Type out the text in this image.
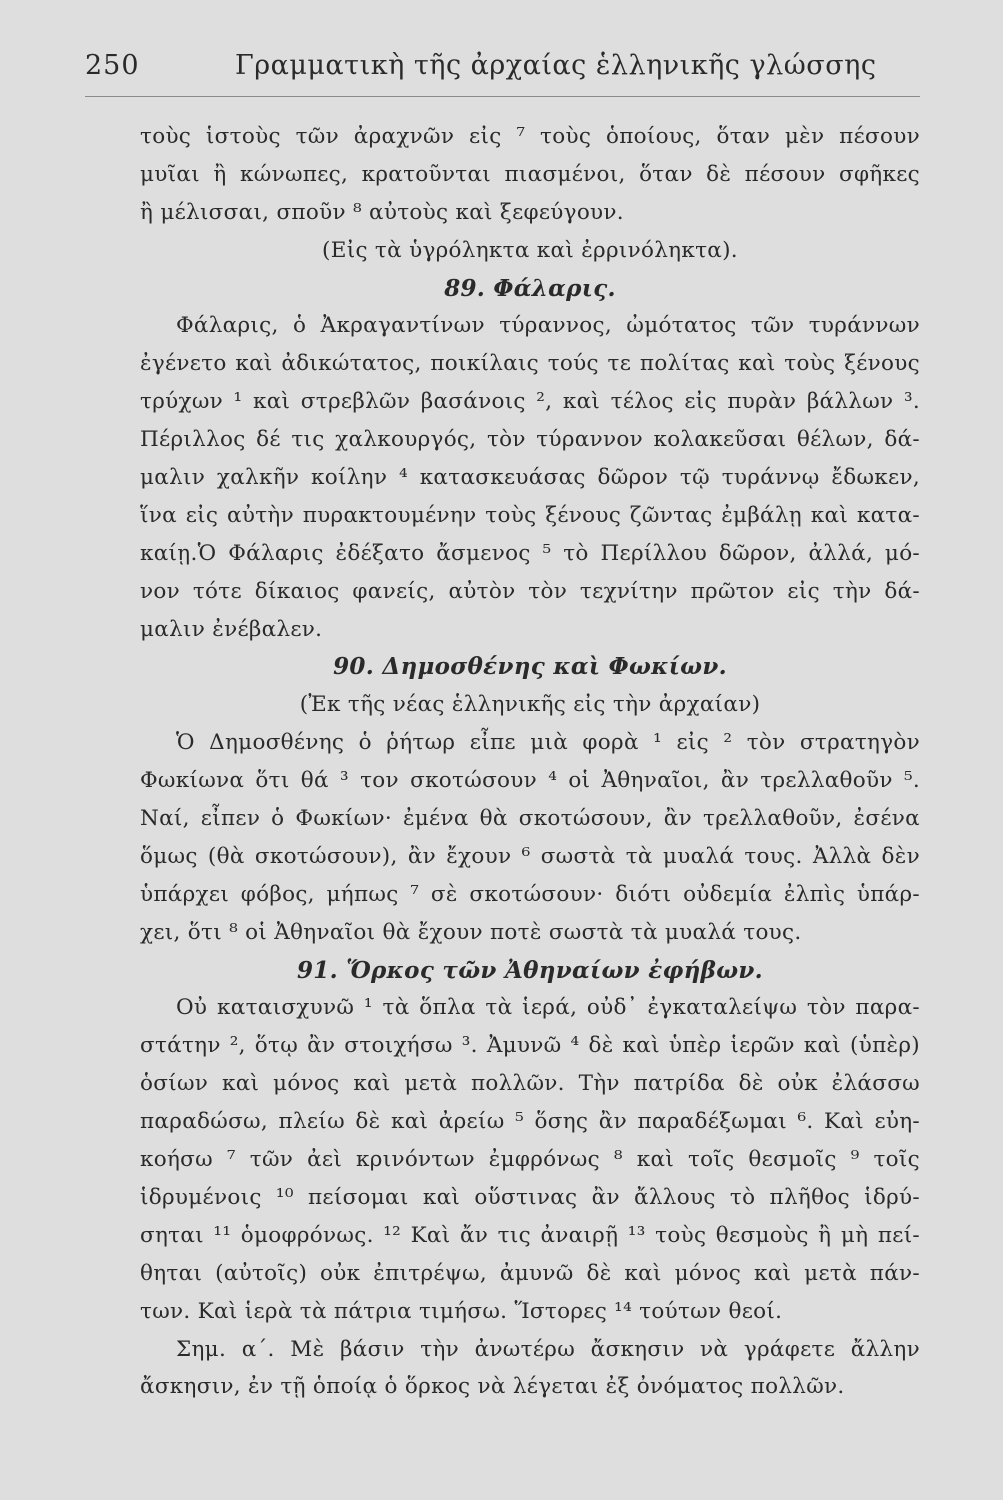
250	Γραμματικὴ τῆς ἀρχαίας ἑλληνικῆς γλώσσης
τοὺς ἱστοὺς τῶν ἀραχνῶν εἰς ⁷ τοὺς ὁποίους, ὅταν μὲν πέσουν
μυῖαι ἢ κώνωπες, κρατοῦνται πιασμένοι, ὅταν δὲ πέσουν σφῆκες
ἢ μέλισσαι, σποῦν ⁸ αὐτοὺς καὶ ξεφεύγουν.
(Εἰς τὰ ὑγρόληκτα καὶ ἐρρινόληκτα).
89. Φάλαρις.
Φάλαρις, ὁ Ἀκραγαντίνων τύραννος, ὠμότατος τῶν τυράννων
ἐγένετο καὶ ἀδικώτατος, ποικίλαις τούς τε πολίτας καὶ τοὺς ξένους
τρύχων ¹ καὶ στρεβλῶν βασάνοις ², καὶ τέλος εἰς πυρὰν βάλλων ³.
Πέριλλος δέ τις χαλκουργός, τὸν τύραννον κολακεῦσαι θέλων, δά-
μαλιν χαλκῆν κοίλην ⁴ κατασκευάσας δῶρον τῷ τυράννῳ ἔδωκεν,
ἵνα εἰς αὐτὴν πυρακτουμένην τοὺς ξένους ζῶντας ἐμβάλῃ καὶ κατα-
καίῃ.Ὁ Φάλαρις ἐδέξατο ἄσμενος ⁵ τὸ Περίλλου δῶρον, ἀλλά, μό-
νον τότε δίκαιος φανείς, αὐτὸν τὸν τεχνίτην πρῶτον εἰς τὴν δά-
μαλιν ἐνέβαλεν.
90. Δημοσθένης καὶ Φωκίων.
(Ἐκ τῆς νέας ἑλληνικῆς εἰς τὴν ἀρχαίαν)
Ὁ Δημοσθένης ὁ ῥήτωρ εἶπε μιὰ φορὰ ¹ εἰς ² τὸν στρατηγὸν
Φωκίωνα ὅτι θά ³ τον σκοτώσουν ⁴ οἱ Ἀθηναῖοι, ἂν τρελλαθοῦν ⁵.
Ναί, εἶπεν ὁ Φωκίων· ἐμένα θὰ σκοτώσουν, ἂν τρελλαθοῦν, ἐσένα
ὅμως (θὰ σκοτώσουν), ἂν ἔχουν ⁶ σωστὰ τὰ μυαλά τους. Ἀλλὰ δὲν
ὑπάρχει φόβος, μήπως ⁷ σὲ σκοτώσουν· διότι οὐδεμία ἐλπὶς ὑπάρ-
χει, ὅτι ⁸ οἱ Ἀθηναῖοι θὰ ἔχουν ποτὲ σωστὰ τὰ μυαλά τους.
91. Ὅρκος τῶν Ἀθηναίων ἐφήβων.
Οὐ καταισχυνῶ ¹ τὰ ὅπλα τὰ ἱερά, οὐδ᾽ ἐγκαταλείψω τὸν παρα-
στάτην ², ὅτῳ ἂν στοιχήσω ³. Ἀμυνῶ ⁴ δὲ καὶ ὑπὲρ ἱερῶν καὶ (ὑπὲρ)
ὁσίων καὶ μόνος καὶ μετὰ πολλῶν. Τὴν πατρίδα δὲ οὐκ ἐλάσσω
παραδώσω, πλείω δὲ καὶ ἀρείω ⁵ ὅσης ἂν παραδέξωμαι ⁶. Καὶ εὐη-
κοήσω ⁷ τῶν ἀεὶ κρινόντων ἐμφρόνως ⁸ καὶ τοῖς θεσμοῖς ⁹ τοῖς
ἱδρυμένοις ¹⁰ πείσομαι καὶ οὕστινας ἂν ἄλλους τὸ πλῆθος ἱδρύ-
σηται ¹¹ ὁμοφρόνως. ¹² Καὶ ἄν τις ἀναιρῇ ¹³ τοὺς θεσμοὺς ἢ μὴ πεί-
θηται (αὐτοῖς) οὐκ ἐπιτρέψω, ἀμυνῶ δὲ καὶ μόνος καὶ μετὰ πάν-
των. Καὶ ἱερὰ τὰ πάτρια τιμήσω. Ἵστορες ¹⁴ τούτων θεοί.
Σημ. α΄. Μὲ βάσιν τὴν ἀνωτέρω ἄσκησιν νὰ γράφετε ἄλλην
ἄσκησιν, ἐν τῇ ὁποίᾳ ὁ ὅρκος νὰ λέγεται ἐξ ὀνόματος πολλῶν.
